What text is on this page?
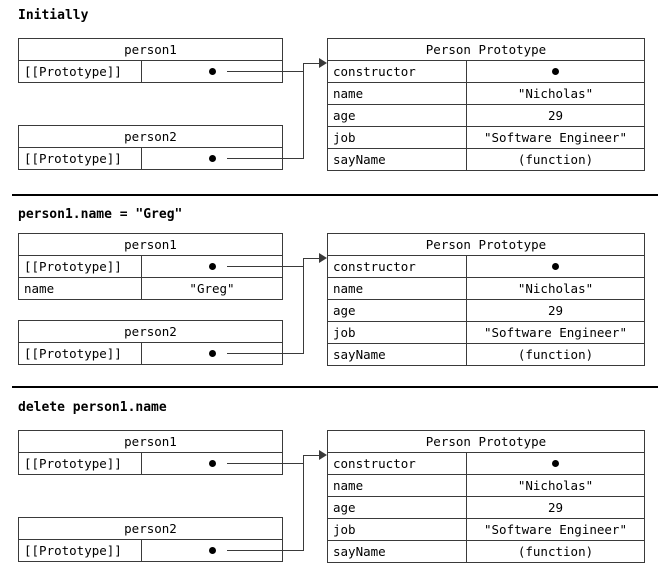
Initially
person1
[[Prototype]]
person2
[[Prototype]]
Person Prototype
constructor
name	"Nicholas"
age	29
job	"Software Engineer"
sayName	(function)
person1.name = "Greg"
person1
[[Prototype]]
name	"Greg"
person2
[[Prototype]]
Person Prototype
constructor
name	"Nicholas"
age	29
job	"Software Engineer"
sayName	(function)
delete person1.name
person1
[[Prototype]]
person2
[[Prototype]]
Person Prototype
constructor
name	"Nicholas"
age	29
job	"Software Engineer"
sayName	(function)
